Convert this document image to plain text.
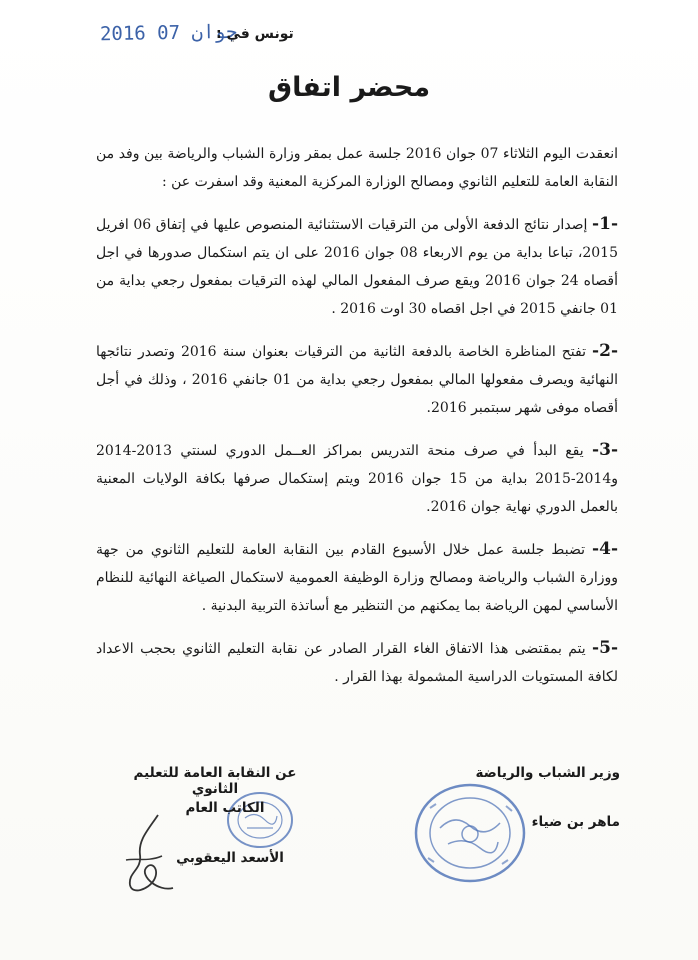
2016 جوان 07
تونس في :
محضر اتفاق

انعقدت اليوم الثلاثاء 07 جوان 2016 جلسة عمل بمقر وزارة الشباب والرياضة بين وفد من النقابة العامة للتعليم الثانوي ومصالح الوزارة المركزية المعنية وقد اسفرت عن :

-1- إصدار نتائج الدفعة الأولى من الترقيات الاستثنائية المنصوص عليها في إتفاق 06 افريل 2015، تباعا بداية من يوم الاربعاء 08 جوان 2016 على ان يتم استكمال صدورها في اجل أقصاه 24 جوان 2016 ويقع صرف المفعول المالي لهذه الترقيات بمفعول رجعي بداية من 01 جانفي 2015 في اجل اقصاه 30 اوت 2016 .

-2- تفتح المناظرة الخاصة بالدفعة الثانية من الترقيات بعنوان سنة 2016 وتصدر نتائجها النهائية ويصرف مفعولها المالي بمفعول رجعي بداية من 01 جانفي 2016 ، وذلك في أجل أقصاه موفى شهر سبتمبر 2016.

-3- يقع البدأ في صرف منحة التدريس بمراكز العــمل الدوري لسنتي 2013-2014 و2014-2015 بداية من 15 جوان 2016 ويتم إستكمال صرفها بكافة الولايات المعنية بالعمل الدوري نهاية جوان 2016.

-4- تضبط جلسة عمل خلال الأسبوع القادم بين النقابة العامة للتعليم الثانوي من جهة ووزارة الشباب والرياضة ومصالح وزارة الوظيفة العمومية لاستكمال الصياغة النهائية للنظام الأساسي لمهن الرياضة بما يمكنهم من التنظير مع أساتذة التربية البدنية .

-5- يتم بمقتضى هذا الاتفاق الغاء القرار الصادر عن نقابة التعليم الثانوي بحجب الاعداد لكافة المستويات الدراسية المشمولة بهذا القرار .

وزير الشباب والرياضة
عن النقابة العامة للتعليم الثانوي
ماهر بن ضياء
الكاتب العام
الأسعد اليعقوبي
